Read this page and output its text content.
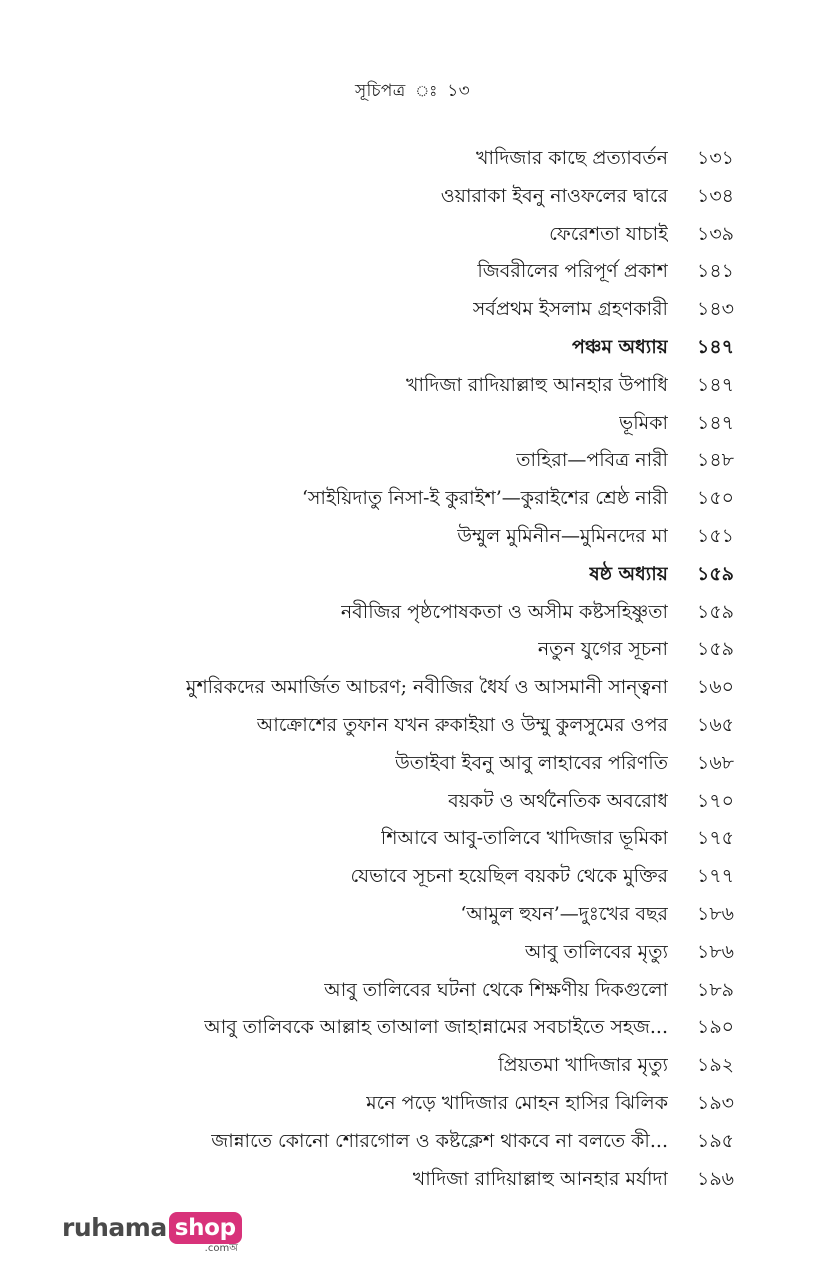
সূচিপত্র ঃ ১৩
খাদিজার কাছে প্রত্যাবর্তন	১৩১
ওয়ারাকা ইবনু নাওফলের দ্বারে	১৩৪
ফেরেশতা যাচাই	১৩৯
জিবরীলের পরিপূর্ণ প্রকাশ	১৪১
সর্বপ্রথম ইসলাম গ্রহণকারী	১৪৩
পঞ্চম অধ্যায়	১৪৭
খাদিজা রাদিয়াল্লাহু আনহার উপাধি	১৪৭
ভূমিকা	১৪৭
তাহিরা—পবিত্র নারী	১৪৮
‘সাইয়িদাতু নিসা-ই কুরাইশ’—কুরাইশের শ্রেষ্ঠ নারী	১৫০
উম্মুল মুমিনীন—মুমিনদের মা	১৫১
ষষ্ঠ অধ্যায়	১৫৯
নবীজির পৃষ্ঠপোষকতা ও অসীম কষ্টসহিষ্ণুতা	১৫৯
নতুন যুগের সূচনা	১৫৯
মুশরিকদের অমার্জিত আচরণ; নবীজির ধৈর্য ও আসমানী সান্ত্বনা	১৬০
আক্রোশের তুফান যখন রুকাইয়া ও উম্মু কুলসুমের ওপর	১৬৫
উতাইবা ইবনু আবু লাহাবের পরিণতি	১৬৮
বয়কট ও অর্থনৈতিক অবরোধ	১৭০
শিআবে আবু-তালিবে খাদিজার ভূমিকা	১৭৫
যেভাবে সূচনা হয়েছিল বয়কট থেকে মুক্তির	১৭৭
‘আমুল হুযন’—দুঃখের বছর	১৮৬
আবু তালিবের মৃত্যু	১৮৬
আবু তালিবের ঘটনা থেকে শিক্ষণীয় দিকগুলো	১৮৯
আবু তালিবকে আল্লাহ তাআলা জাহান্নামের সবচাইতে সহজ...	১৯০
প্রিয়তমা খাদিজার মৃত্যু	১৯২
মনে পড়ে খাদিজার মোহন হাসির ঝিলিক	১৯৩
জান্নাতে কোনো শোরগোল ও কষ্টক্লেশ থাকবে না বলতে কী...	১৯৫
খাদিজা রাদিয়াল্লাহু আনহার মর্যাদা	১৯৬
ruhama shop
.comঅ
